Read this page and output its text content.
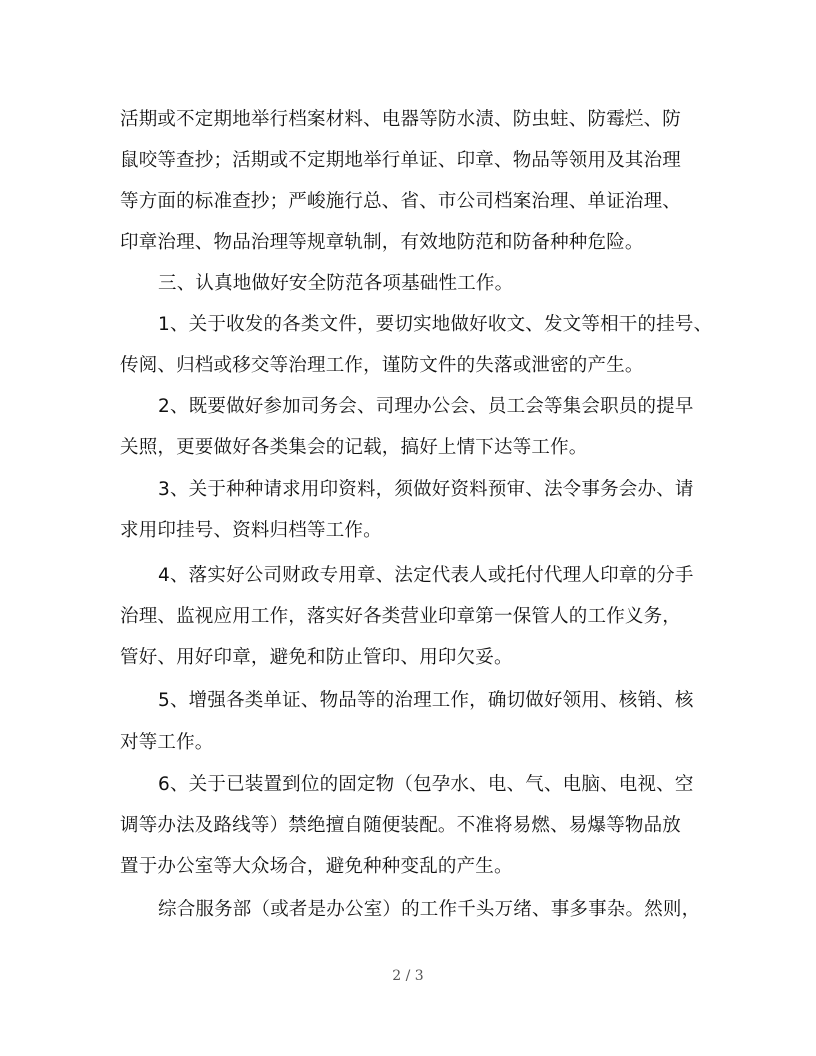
活期或不定期地举行档案材料、电器等防水渍、防虫蛀、防霉烂、防
鼠咬等查抄；活期或不定期地举行单证、印章、物品等领用及其治理
等方面的标准查抄；严峻施行总、省、市公司档案治理、单证治理、
印章治理、物品治理等规章轨制，有效地防范和防备种种危险。
三、认真地做好安全防范各项基础性工作。
1、关于收发的各类文件，要切实地做好收文、发文等相干的挂号、
传阅、归档或移交等治理工作，谨防文件的失落或泄密的产生。
2、既要做好参加司务会、司理办公会、员工会等集会职员的提早
关照，更要做好各类集会的记载，搞好上情下达等工作。
3、关于种种请求用印资料，须做好资料预审、法令事务会办、请
求用印挂号、资料归档等工作。
4、落实好公司财政专用章、法定代表人或托付代理人印章的分手
治理、监视应用工作，落实好各类营业印章第一保管人的工作义务，
管好、用好印章，避免和防止管印、用印欠妥。
5、增强各类单证、物品等的治理工作，确切做好领用、核销、核
对等工作。
6、关于已装置到位的固定物（包孕水、电、气、电脑、电视、空
调等办法及路线等）禁绝擅自随便装配。不准将易燃、易爆等物品放
置于办公室等大众场合，避免种种变乱的产生。
综合服务部（或者是办公室）的工作千头万绪、事多事杂。然则，
2 / 3
